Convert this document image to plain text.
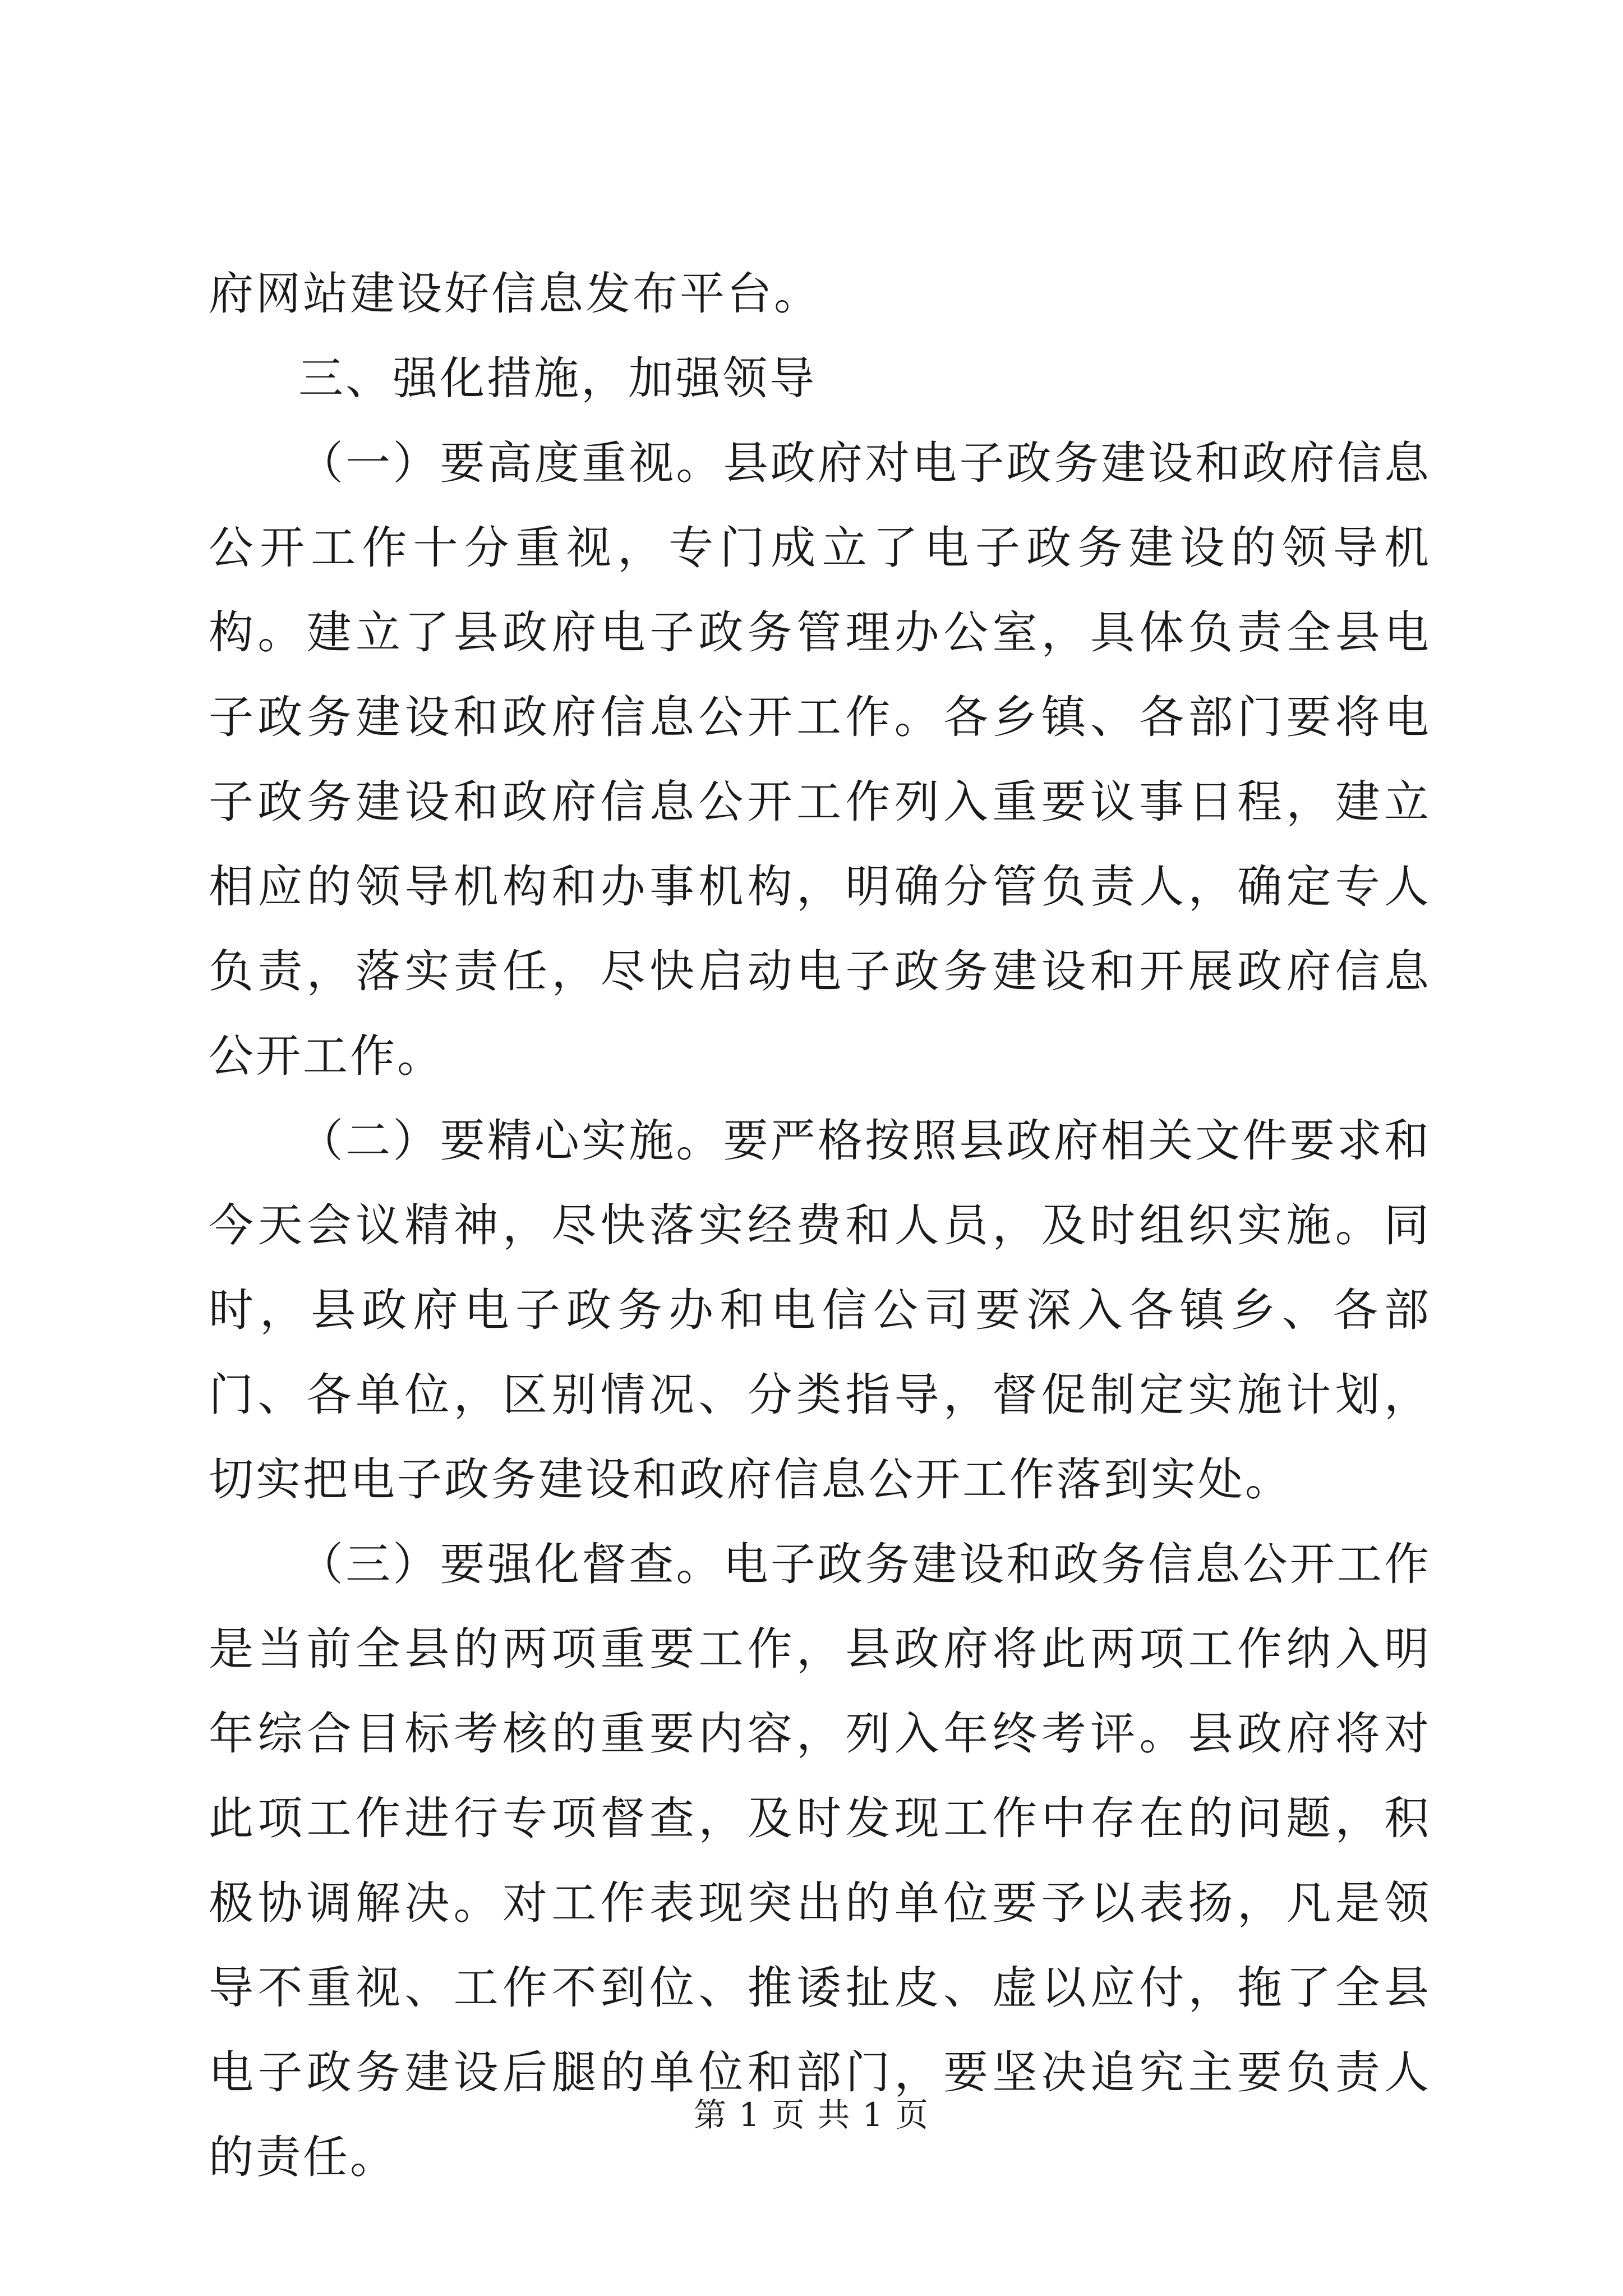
府网站建设好信息发布平台。

三、强化措施，加强领导

（一）要高度重视。县政府对电子政务建设和政府信息公开工作十分重视，专门成立了电子政务建设的领导机构。建立了县政府电子政务管理办公室，具体负责全县电子政务建设和政府信息公开工作。各乡镇、各部门要将电子政务建设和政府信息公开工作列入重要议事日程，建立相应的领导机构和办事机构，明确分管负责人，确定专人负责，落实责任，尽快启动电子政务建设和开展政府信息公开工作。

（二）要精心实施。要严格按照县政府相关文件要求和今天会议精神，尽快落实经费和人员，及时组织实施。同时，县政府电子政务办和电信公司要深入各镇乡、各部门、各单位，区别情况、分类指导，督促制定实施计划，切实把电子政务建设和政府信息公开工作落到实处。

（三）要强化督查。电子政务建设和政务信息公开工作是当前全县的两项重要工作，县政府将此两项工作纳入明年综合目标考核的重要内容，列入年终考评。县政府将对此项工作进行专项督查，及时发现工作中存在的问题，积极协调解决。对工作表现突出的单位要予以表扬，凡是领导不重视、工作不到位、推诿扯皮、虚以应付，拖了全县电子政务建设后腿的单位和部门，要坚决追究主要负责人的责任。

第 1 页 共 1 页
